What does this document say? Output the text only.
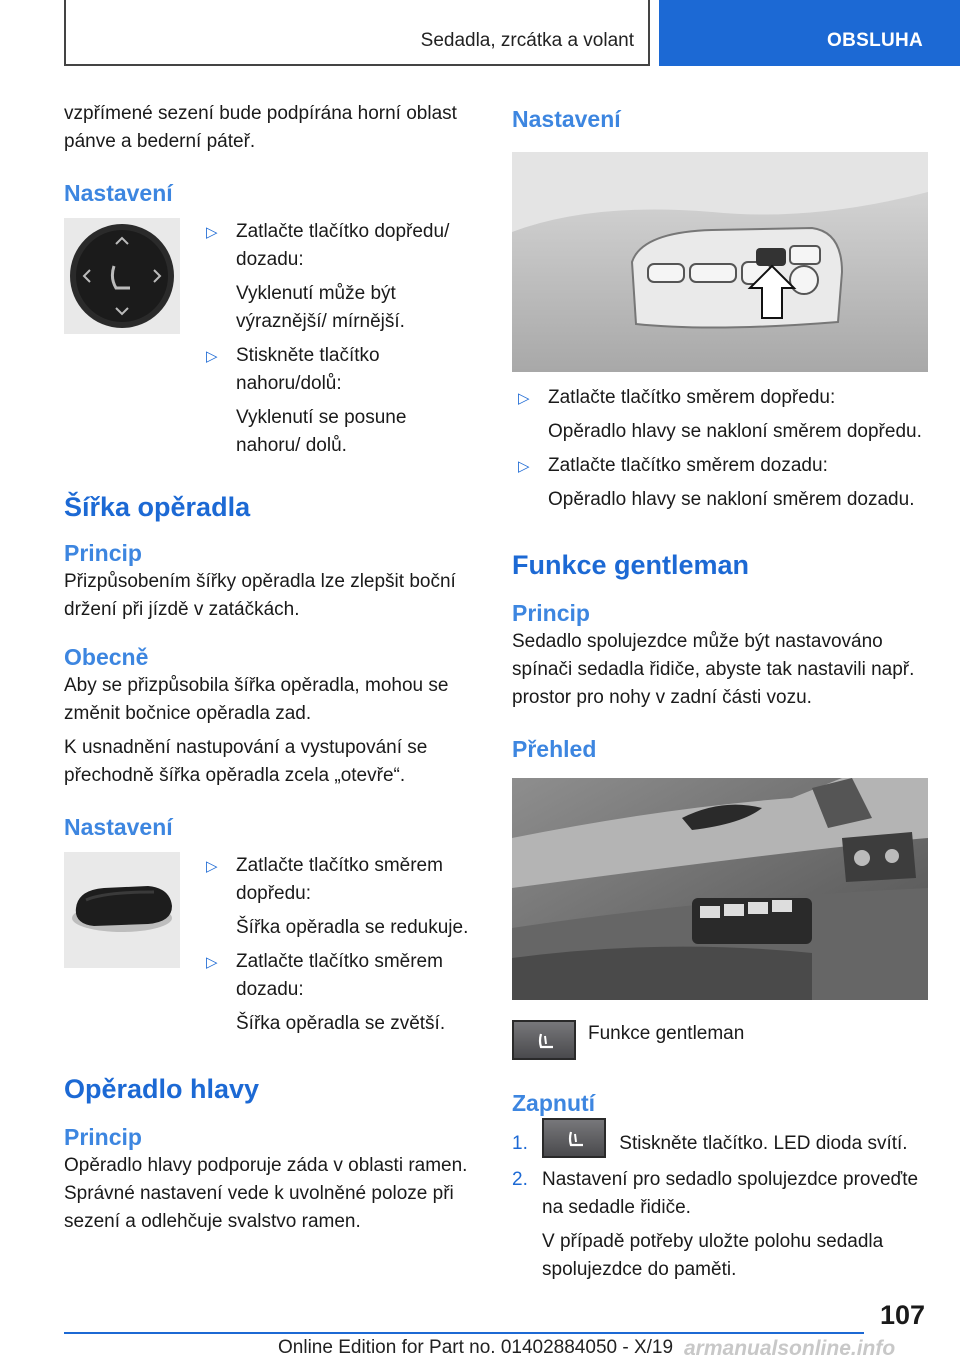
Sedadla, zrcátka a volant	OBSLUHA

vzpřímené sezení bude podpírána horní oblast pánve a bederní páteř.

Nastavení
▷ Zatlačte tlačítko dopředu/ dozadu:
Vyklenutí může být výraznější/ mírnější.
▷ Stiskněte tlačítko nahoru/dolů:
Vyklenutí se posune nahoru/ dolů.
Šířka opěradla
Princip

Přizpůsobením šířky opěradla lze zlepšit boční držení při jízdě v zatáčkách.

Obecně

Aby se přizpůsobila šířka opěradla, mohou se změnit bočnice opěradla zad.

K usnadnění nastupování a vystupování se přechodně šířka opěradla zcela „otevře“.

Nastavení
▷ Zatlačte tlačítko směrem dopředu:
Šířka opěradla se redukuje.
▷ Zatlačte tlačítko směrem dozadu:
Šířka opěradla se zvětší.
Opěradlo hlavy
Princip

Opěradlo hlavy podporuje záda v oblasti ramen. Správné nastavení vede k uvolněné poloze při sezení a odlehčuje svalstvo ramen.

Nastavení
▷ Zatlačte tlačítko směrem dopředu:
Opěradlo hlavy se nakloní směrem dopředu.
▷ Zatlačte tlačítko směrem dozadu:
Opěradlo hlavy se nakloní směrem dozadu.
Funkce gentleman
Princip

Sedadlo spolujezdce může být nastavováno spínači sedadla řidiče, abyste tak nastavili např. prostor pro nohy v zadní části vozu.

Přehled
Funkce gentleman
Zapnutí
1.	Stiskněte tlačítko. LED dioda svítí.
2. Nastavení pro sedadlo spolujezdce proveďte na sedadle řidiče.
V případě potřeby uložte polohu sedadla spolujezdce do paměti.
107
Online Edition for Part no. 01402884050 - X/19 armanualsonline.info
